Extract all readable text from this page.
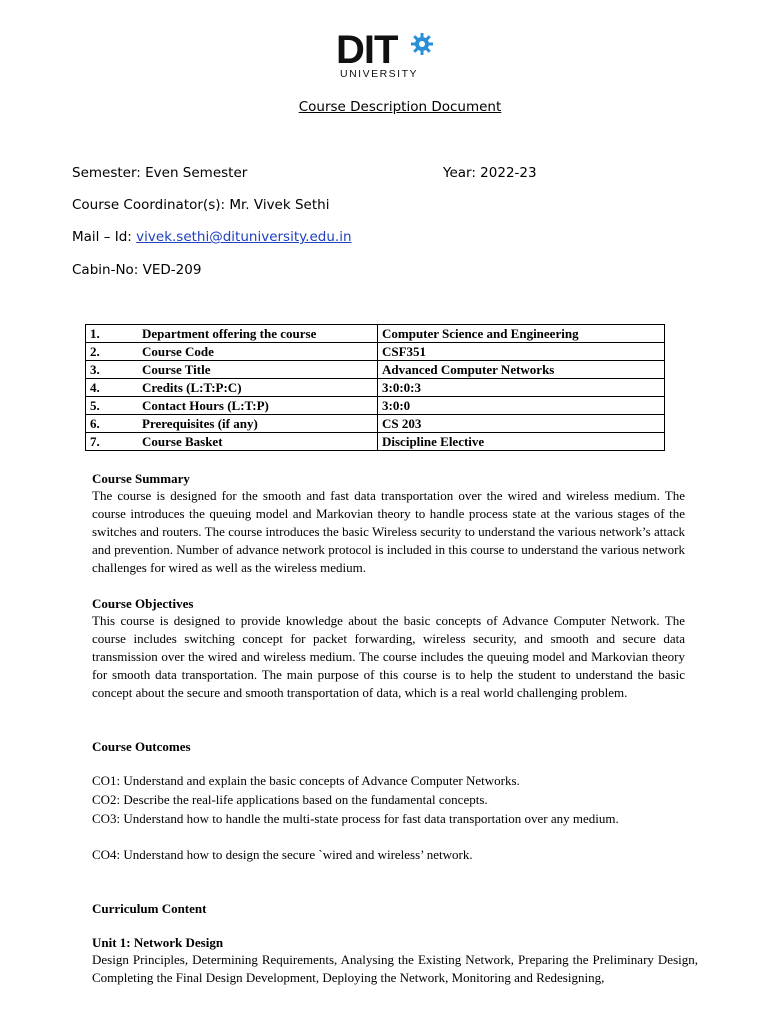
DIT
UNIVERSITY
Course Description Document
Semester: Even Semester	Year: 2022-23
Course Coordinator(s): Mr. Vivek Sethi
Mail – Id: vivek.sethi@dituniversity.edu.in
Cabin-No: VED-209
1.	Department offering the course	Computer Science and Engineering
2.	Course Code	CSF351
3.	Course Title	Advanced Computer Networks
4.	Credits (L:T:P:C)	3:0:0:3
5.	Contact Hours (L:T:P)	3:0:0
6.	Prerequisites (if any)	CS 203
7.	Course Basket	Discipline Elective
Course Summary
The course is designed for the smooth and fast data transportation over the wired and wireless medium. The course introduces the queuing model and Markovian theory to handle process state at the various stages of the switches and routers. The course introduces the basic Wireless security to understand the various network’s attack and prevention. Number of advance network protocol is included in this course to understand the various network challenges for wired as well as the wireless medium.
Course Objectives
This course is designed to provide knowledge about the basic concepts of Advance Computer Network. The course includes switching concept for packet forwarding, wireless security, and smooth and secure data transmission over the wired and wireless medium. The course includes the queuing model and Markovian theory for smooth data transportation. The main purpose of this course is to help the student to understand the basic concept about the secure and smooth transportation of data, which is a real world challenging problem.
Course Outcomes
CO1: Understand and explain the basic concepts of Advance Computer Networks.
CO2: Describe the real-life applications based on the fundamental concepts.
CO3: Understand how to handle the multi-state process for fast data transportation over any medium.
CO4: Understand how to design the secure `wired and wireless’ network.
Curriculum Content
Unit 1: Network Design
Design Principles, Determining Requirements, Analysing the Existing Network, Preparing the Preliminary Design, Completing the Final Design Development, Deploying the Network, Monitoring and Redesigning,
